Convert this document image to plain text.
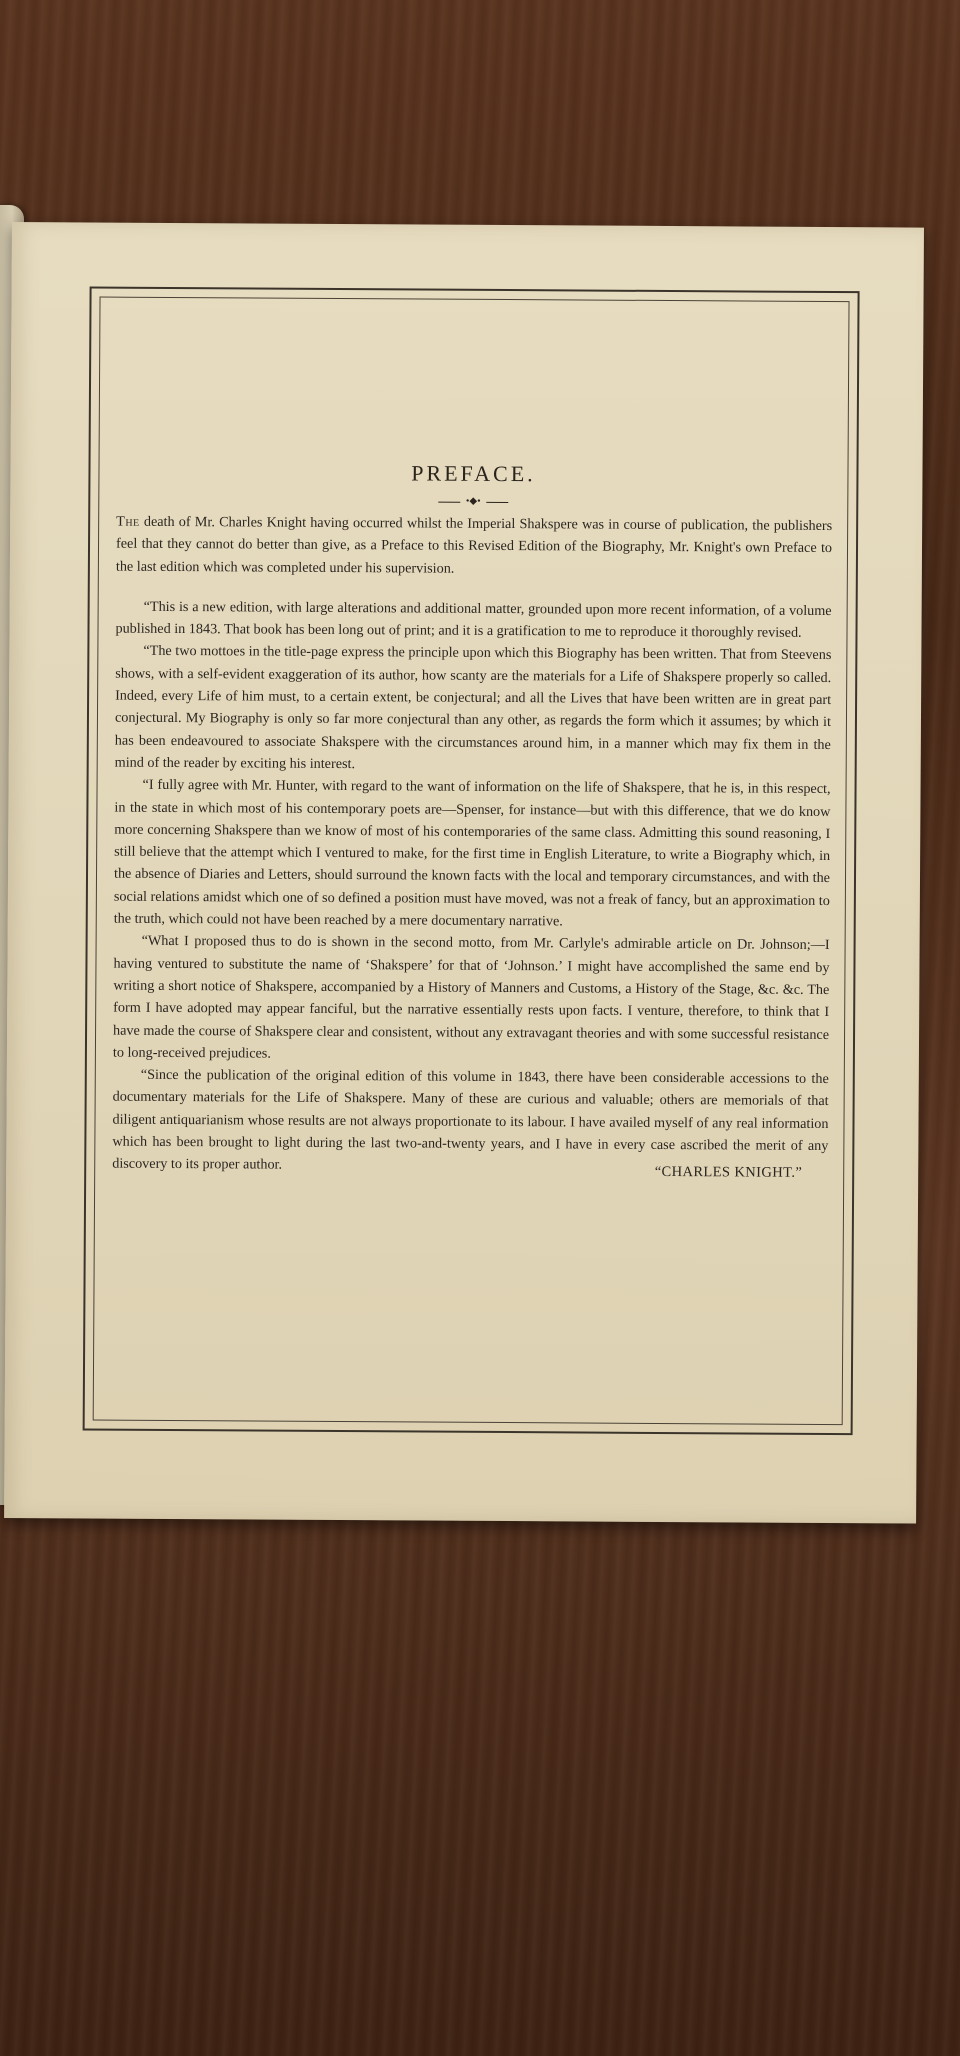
PREFACE.
•◆•

The death of Mr. Charles Knight having occurred whilst the Imperial Shakspere was in course of publication, the publishers feel that they cannot do better than give, as a Preface to this Revised Edition of the Biography, Mr. Knight's own Preface to the last edition which was completed under his supervision.

“This is a new edition, with large alterations and additional matter, grounded upon more recent information, of a volume published in 1843. That book has been long out of print; and it is a gratification to me to reproduce it thoroughly revised.

“The two mottoes in the title-page express the principle upon which this Biography has been written. That from Steevens shows, with a self-evident exaggeration of its author, how scanty are the materials for a Life of Shakspere properly so called. Indeed, every Life of him must, to a certain extent, be conjectural; and all the Lives that have been written are in great part conjectural. My Biography is only so far more conjectural than any other, as regards the form which it assumes; by which it has been endeavoured to associate Shakspere with the circumstances around him, in a manner which may fix them in the mind of the reader by exciting his interest.

“I fully agree with Mr. Hunter, with regard to the want of information on the life of Shakspere, that he is, in this respect, in the state in which most of his contemporary poets are—Spenser, for instance—but with this difference, that we do know more concerning Shakspere than we know of most of his contemporaries of the same class. Admitting this sound reasoning, I still believe that the attempt which I ventured to make, for the first time in English Literature, to write a Biography which, in the absence of Diaries and Letters, should surround the known facts with the local and temporary circumstances, and with the social relations amidst which one of so defined a position must have moved, was not a freak of fancy, but an approximation to the truth, which could not have been reached by a mere documentary narrative.

“What I proposed thus to do is shown in the second motto, from Mr. Carlyle's admirable article on Dr. Johnson;—I having ventured to substitute the name of ‘Shakspere’ for that of ‘Johnson.’ I might have accomplished the same end by writing a short notice of Shakspere, accompanied by a History of Manners and Customs, a History of the Stage, &c. &c. The form I have adopted may appear fanciful, but the narrative essentially rests upon facts. I venture, therefore, to think that I have made the course of Shakspere clear and consistent, without any extravagant theories and with some successful resistance to long-received prejudices.

“Since the publication of the original edition of this volume in 1843, there have been considerable accessions to the documentary materials for the Life of Shakspere. Many of these are curious and valuable; others are memorials of that diligent antiquarianism whose results are not always proportionate to its labour. I have availed myself of any real information which has been brought to light during the last two-and-twenty years, and I have in every case ascribed the merit of any discovery to its proper author.	“CHARLES KNIGHT.”
